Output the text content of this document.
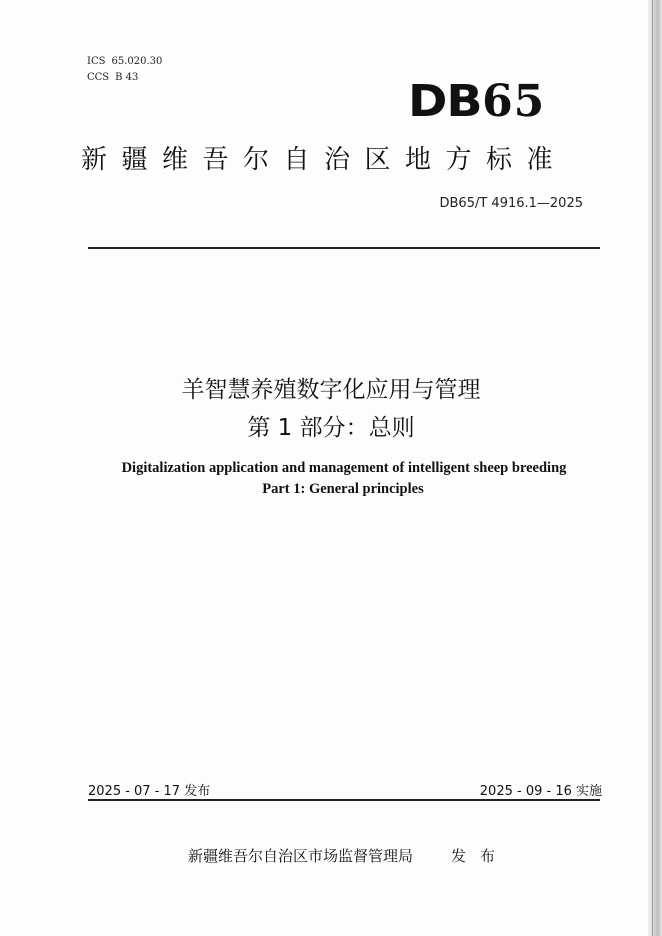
ICS 65.020.30
CCS B 43	DB65
新疆维吾尔自治区地方标准
DB65/T 4916.1—2025
羊智慧养殖数字化应用与管理
第 1 部分：总则
Digitalization application and management of intelligent sheep breeding
Part 1: General principles
2025 - 07 - 17 发布	2025 - 09 - 16 实施
新疆维吾尔自治区市场监督管理局	发布
